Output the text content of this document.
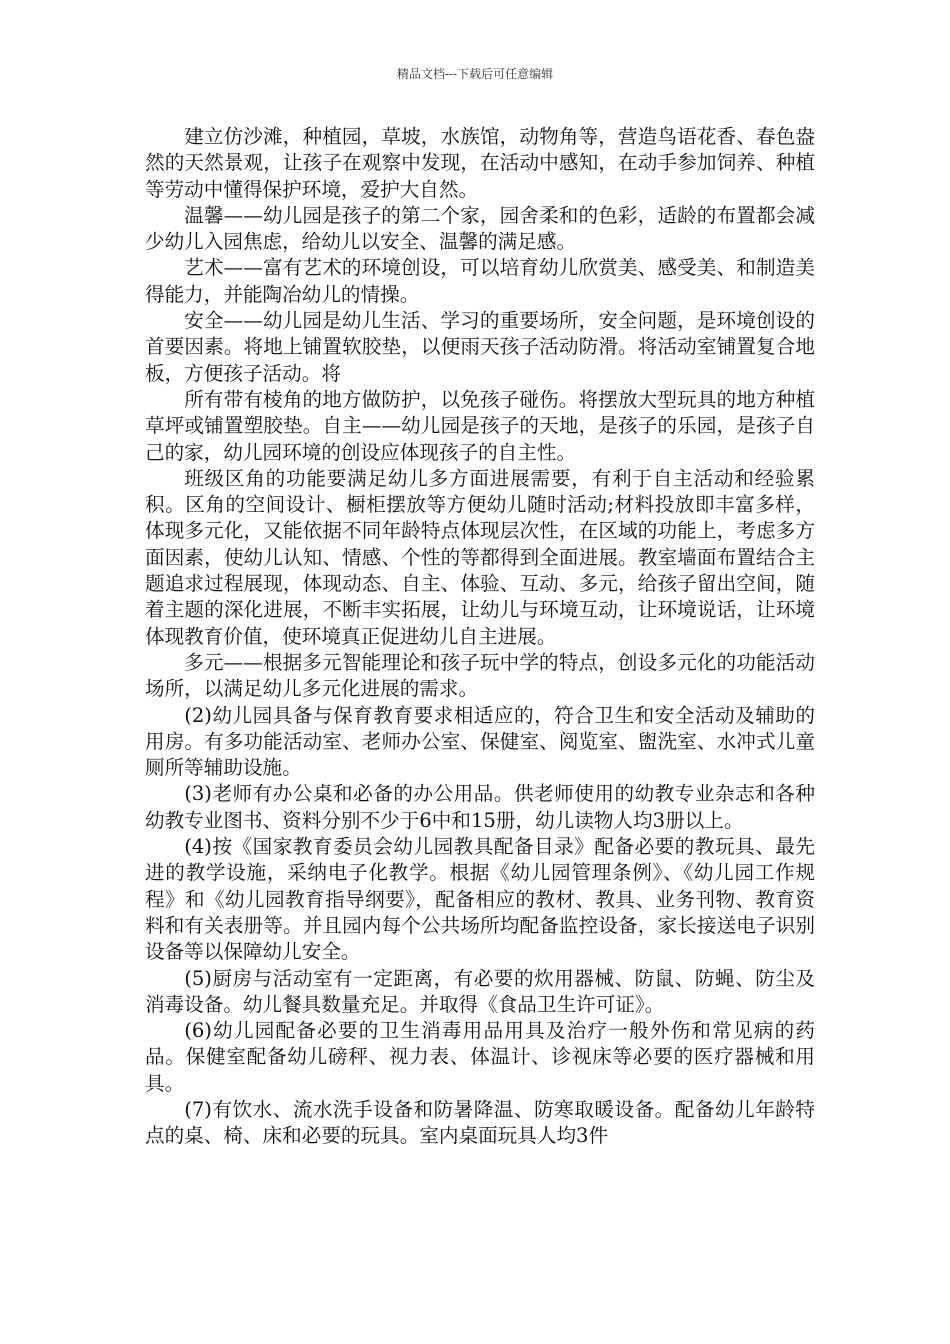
精品文档---下载后可任意编辑

建立仿沙滩，种植园，草坡，水族馆，动物角等，营造鸟语花香、春色盎然的天然景观，让孩子在观察中发现，在活动中感知，在动手参加饲养、种植等劳动中懂得保护环境，爱护大自然。

温馨——幼儿园是孩子的第二个家，园舍柔和的色彩，适龄的布置都会减少幼儿入园焦虑，给幼儿以安全、温馨的满足感。

艺术——富有艺术的环境创设，可以培育幼儿欣赏美、感受美、和制造美得能力，并能陶冶幼儿的情操。

安全——幼儿园是幼儿生活、学习的重要场所，安全问题，是环境创设的首要因素。将地上铺置软胶垫，以便雨天孩子活动防滑。将活动室铺置复合地板，方便孩子活动。将

所有带有棱角的地方做防护，以免孩子碰伤。将摆放大型玩具的地方种植草坪或铺置塑胶垫。自主——幼儿园是孩子的天地，是孩子的乐园，是孩子自己的家，幼儿园环境的创设应体现孩子的自主性。

班级区角的功能要满足幼儿多方面进展需要，有利于自主活动和经验累积。区角的空间设计、橱柜摆放等方便幼儿随时活动;材料投放即丰富多样，体现多元化，又能依据不同年龄特点体现层次性，在区域的功能上，考虑多方面因素，使幼儿认知、情感、个性的等都得到全面进展。教室墙面布置结合主题追求过程展现，体现动态、自主、体验、互动、多元，给孩子留出空间，随着主题的深化进展，不断丰实拓展，让幼儿与环境互动，让环境说话，让环境体现教育价值，使环境真正促进幼儿自主进展。

多元——根据多元智能理论和孩子玩中学的特点，创设多元化的功能活动场所，以满足幼儿多元化进展的需求。

(2)幼儿园具备与保育教育要求相适应的，符合卫生和安全活动及辅助的用房。有多功能活动室、老师办公室、保健室、阅览室、盥洗室、水冲式儿童厕所等辅助设施。

(3)老师有办公桌和必备的办公用品。供老师使用的幼教专业杂志和各种幼教专业图书、资料分别不少于6中和15册，幼儿读物人均3册以上。

(4)按《国家教育委员会幼儿园教具配备目录》配备必要的教玩具、最先进的教学设施，采纳电子化教学。根据《幼儿园管理条例》、《幼儿园工作规程》和《幼儿园教育指导纲要》，配备相应的教材、教具、业务刊物、教育资料和有关表册等。并且园内每个公共场所均配备监控设备，家长接送电子识别设备等以保障幼儿安全。

(5)厨房与活动室有一定距离，有必要的炊用器械、防鼠、防蝇、防尘及消毒设备。幼儿餐具数量充足。并取得《食品卫生许可证》。

(6)幼儿园配备必要的卫生消毒用品用具及治疗一般外伤和常见病的药品。保健室配备幼儿磅秤、视力表、体温计、诊视床等必要的医疗器械和用具。

(7)有饮水、流水洗手设备和防暑降温、防寒取暖设备。配备幼儿年龄特点的桌、椅、床和必要的玩具。室内桌面玩具人均3件
